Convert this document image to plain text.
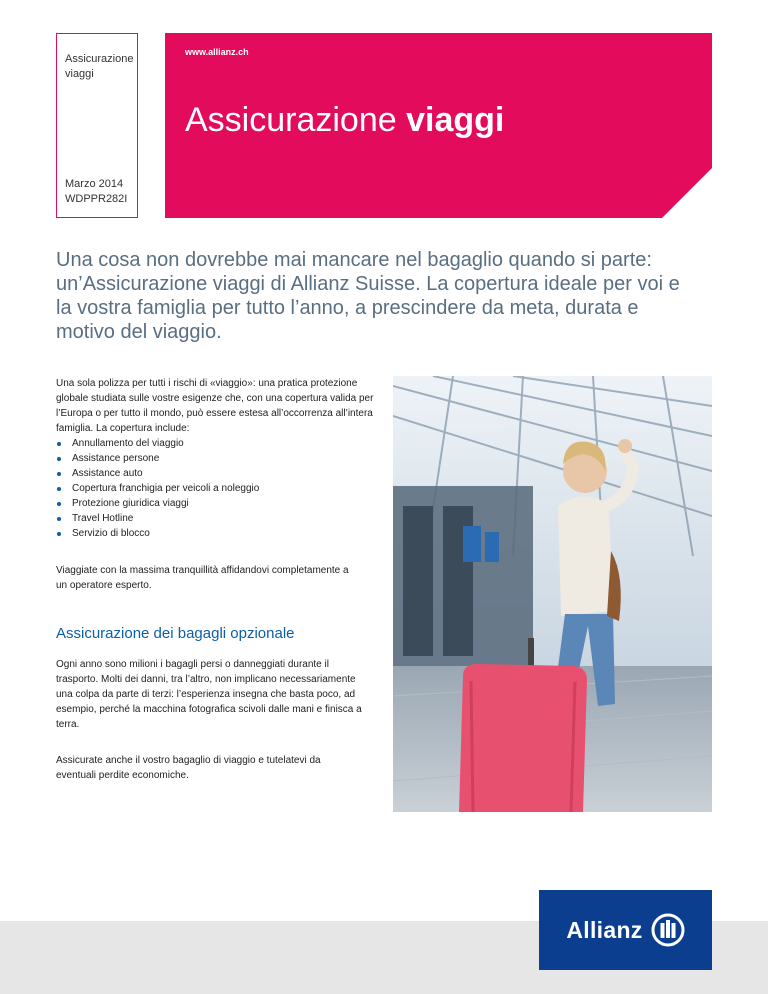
Assicurazione viaggi
Marzo 2014
WDPPR282I
www.allianz.ch
Assicurazione viaggi
Una cosa non dovrebbe mai mancare nel bagaglio quando si parte: un’Assicurazione viaggi di Allianz Suisse. La copertura ideale per voi e la vostra famiglia per tutto l’anno, a prescindere da meta, durata e motivo del viaggio.
Una sola polizza per tutti i rischi di «viaggio»: una pratica protezione globale studiata sulle vostre esigenze che, con una copertura valida per l’Europa o per tutto il mondo, può essere estesa all’occorrenza all’intera famiglia. La copertura include:
Annullamento del viaggio
Assistance persone
Assistance auto
Copertura franchigia per veicoli a noleggio
Protezione giuridica viaggi
Travel Hotline
Servizio di blocco
Viaggiate con la massima tranquillità affidandovi completamente a un operatore esperto.
Assicurazione dei bagagli opzionale
Ogni anno sono milioni i bagagli persi o danneggiati durante il trasporto. Molti dei danni, tra l’altro, non implicano necessariamente una colpa da parte di terzi: l’esperienza insegna che basta poco, ad esempio, perché la macchina fotografica scivoli dalle mani e finisca a terra.
Assicurate anche il vostro bagaglio di viaggio e tutelatevi da eventuali perdite economiche.
Allianz
